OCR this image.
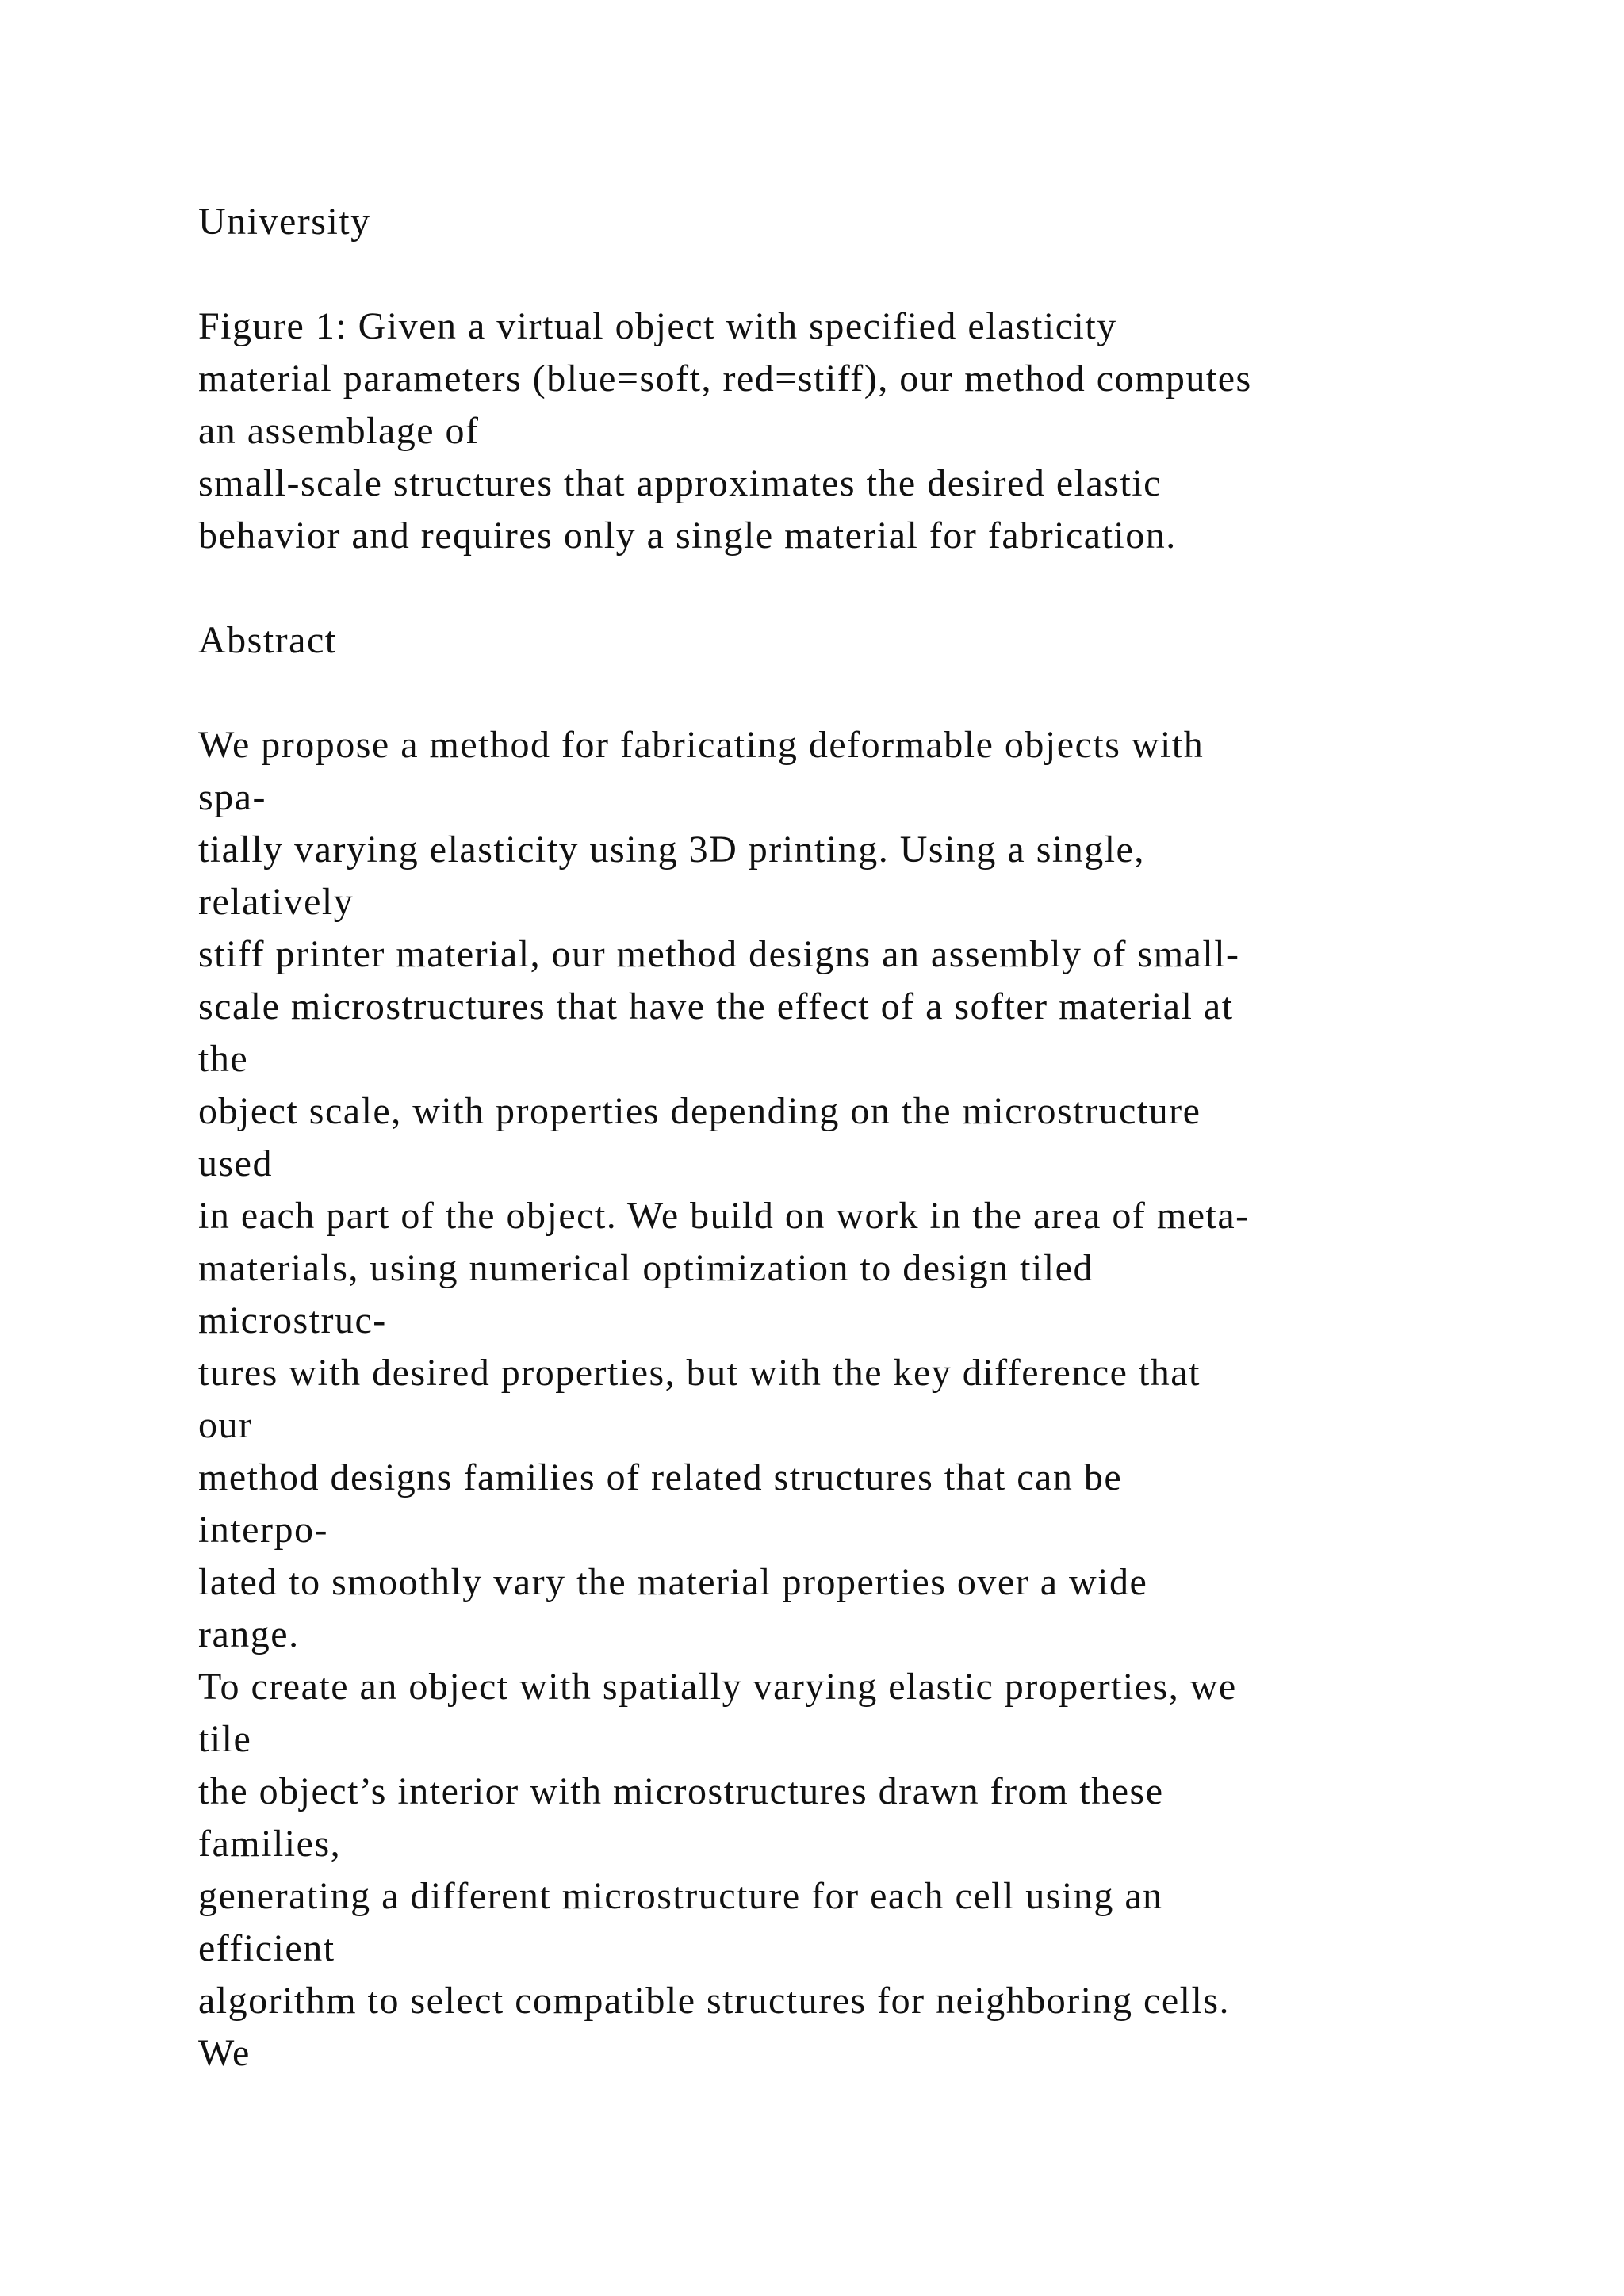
University
Figure 1: Given a virtual object with specified elasticity
material parameters (blue=soft, red=stiff), our method computes
an assemblage of
small-scale structures that approximates the desired elastic
behavior and requires only a single material for fabrication.
Abstract
We propose a method for fabricating deformable objects with
spa-
tially varying elasticity using 3D printing. Using a single,
relatively
stiff printer material, our method designs an assembly of small-
scale microstructures that have the effect of a softer material at
the
object scale, with properties depending on the microstructure
used
in each part of the object. We build on work in the area of meta-
materials, using numerical optimization to design tiled
microstruc-
tures with desired properties, but with the key difference that
our
method designs families of related structures that can be
interpo-
lated to smoothly vary the material properties over a wide
range.
To create an object with spatially varying elastic properties, we
tile
the object’s interior with microstructures drawn from these
families,
generating a different microstructure for each cell using an
efficient
algorithm to select compatible structures for neighboring cells.
We
